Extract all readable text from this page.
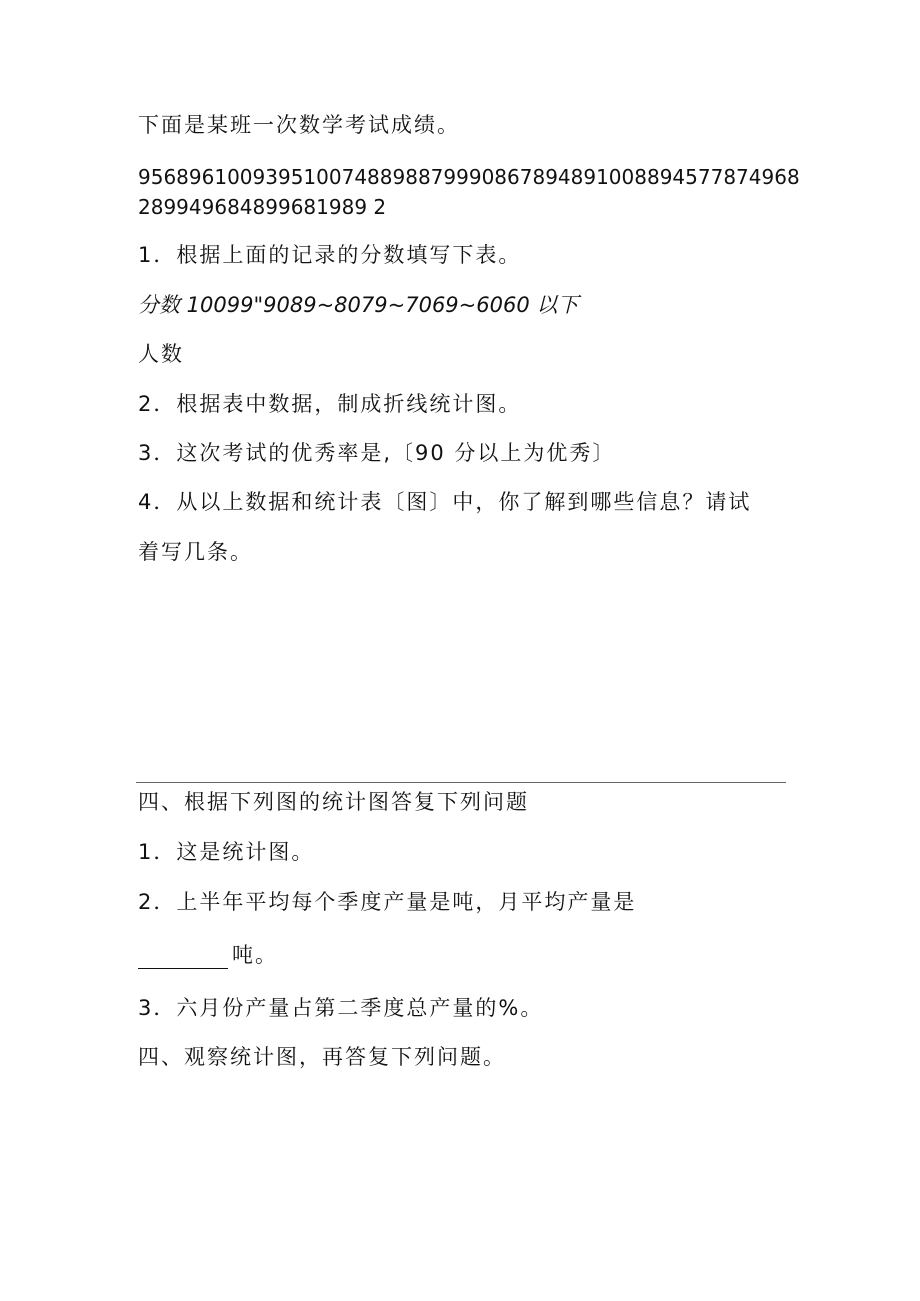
下面是某班一次数学考试成绩。
9568961009395100748898879990867894891008894577874968
289949684899681989 2
1．根据上面的记录的分数填写下表。
分数 10099"9089~8079~7069~6060 以下
人数
2．根据表中数据，制成折线统计图。
3．这次考试的优秀率是,〔90 分以上为优秀〕
4．从以上数据和统计表〔图〕中，你了解到哪些信息？请试
着写几条。
四、根据下列图的统计图答复下列问题
1．这是统计图。
2．上半年平均每个季度产量是吨，月平均产量是
吨。
3．六月份产量占第二季度总产量的%。
四、观察统计图，再答复下列问题。
